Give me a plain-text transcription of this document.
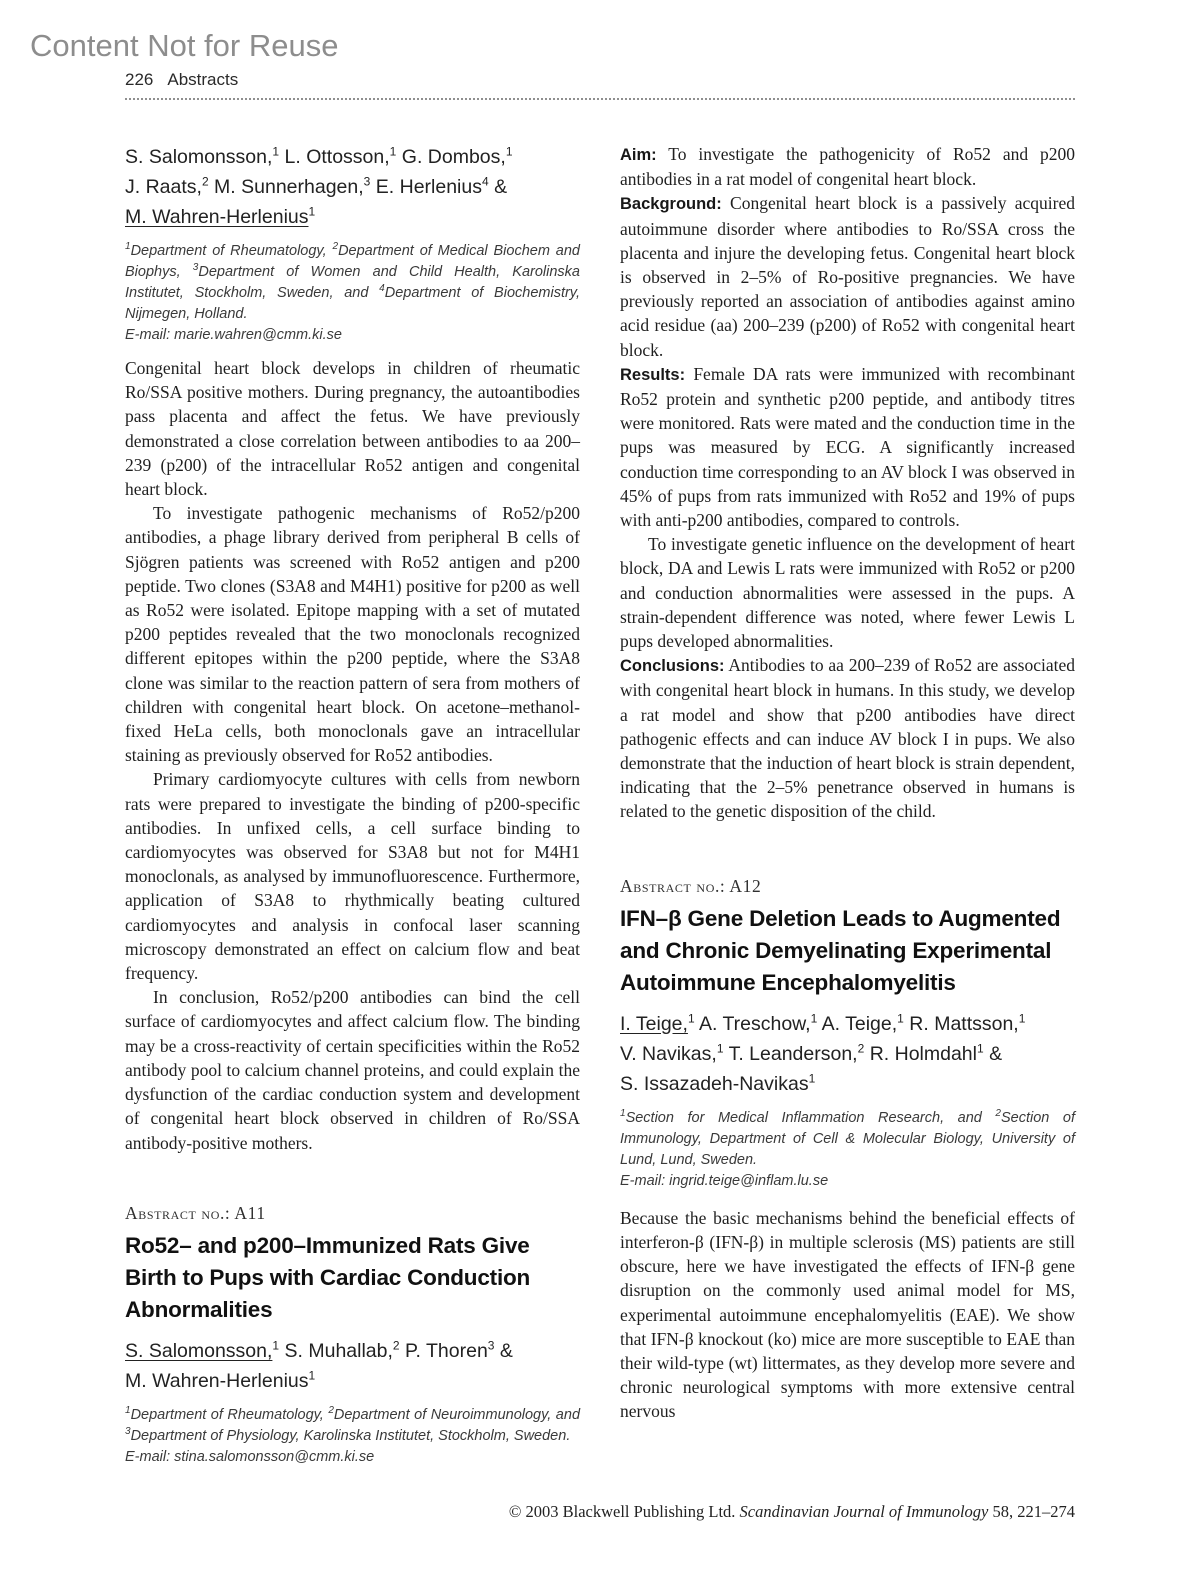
Content Not for Reuse
226 Abstracts
S. Salomonsson,$^1$ L. Ottosson,$^1$ G. Dombos,$^1$
J. Raats,$^2$ M. Sunnerhagen,$^3$ E. Herlenius$^4$ &
M. Wahren-Herlenius$^1$
$^1$Department of Rheumatology, $^2$Department of Medical Biochem and Biophys, $^3$Department of Women and Child Health, Karolinska Institutet, Stockholm, Sweden, and $^4$Department of Biochemistry, Nijmegen, Holland.
E-mail: marie.wahren@cmm.ki.se

Congenital heart block develops in children of rheumatic Ro/SSA positive mothers. During pregnancy, the autoantibodies pass placenta and affect the fetus. We have previously demonstrated a close correlation between antibodies to aa 200–239 (p200) of the intracellular Ro52 antigen and congenital heart block.

To investigate pathogenic mechanisms of Ro52/p200 antibodies, a phage library derived from peripheral B cells of Sjögren patients was screened with Ro52 antigen and p200 peptide. Two clones (S3A8 and M4H1) positive for p200 as well as Ro52 were isolated. Epitope mapping with a set of mutated p200 peptides revealed that the two monoclonals recognized different epitopes within the p200 peptide, where the S3A8 clone was similar to the reaction pattern of sera from mothers of children with congenital heart block. On acetone–methanol-fixed HeLa cells, both monoclonals gave an intracellular staining as previously observed for Ro52 antibodies.

Primary cardiomyocyte cultures with cells from newborn rats were prepared to investigate the binding of p200-specific antibodies. In unfixed cells, a cell surface binding to cardiomyocytes was observed for S3A8 but not for M4H1 monoclonals, as analysed by immunofluorescence. Furthermore, application of S3A8 to rhythmically beating cultured cardiomyocytes and analysis in confocal laser scanning microscopy demonstrated an effect on calcium flow and beat frequency.

In conclusion, Ro52/p200 antibodies can bind the cell surface of cardiomyocytes and affect calcium flow. The binding may be a cross-reactivity of certain specificities within the Ro52 antibody pool to calcium channel proteins, and could explain the dysfunction of the cardiac conduction system and development of congenital heart block observed in children of Ro/SSA antibody-positive mothers.

Abstract no.: A11
Ro52– and p200–Immunized Rats Give Birth to Pups with Cardiac Conduction Abnormalities
S. Salomonsson,$^1$ S. Muhallab,$^2$ P. Thoren$^3$ &
M. Wahren-Herlenius$^1$
$^1$Department of Rheumatology, $^2$Department of Neuroimmunology, and $^3$Department of Physiology, Karolinska Institutet, Stockholm, Sweden.
E-mail: stina.salomonsson@cmm.ki.se

Aim: To investigate the pathogenicity of Ro52 and p200 antibodies in a rat model of congenital heart block.

Background: Congenital heart block is a passively acquired autoimmune disorder where antibodies to Ro/SSA cross the placenta and injure the developing fetus. Congenital heart block is observed in 2–5% of Ro-positive pregnancies. We have previously reported an association of antibodies against amino acid residue (aa) 200–239 (p200) of Ro52 with congenital heart block.

Results: Female DA rats were immunized with recombinant Ro52 protein and synthetic p200 peptide, and antibody titres were monitored. Rats were mated and the conduction time in the pups was measured by ECG. A significantly increased conduction time corresponding to an AV block I was observed in 45% of pups from rats immunized with Ro52 and 19% of pups with anti-p200 antibodies, compared to controls.

To investigate genetic influence on the development of heart block, DA and Lewis L rats were immunized with Ro52 or p200 and conduction abnormalities were assessed in the pups. A strain-dependent difference was noted, where fewer Lewis L pups developed abnormalities.

Conclusions: Antibodies to aa 200–239 of Ro52 are associated with congenital heart block in humans. In this study, we develop a rat model and show that p200 antibodies have direct pathogenic effects and can induce AV block I in pups. We also demonstrate that the induction of heart block is strain dependent, indicating that the 2–5% penetrance observed in humans is related to the genetic disposition of the child.

Abstract no.: A12
IFN–β Gene Deletion Leads to Augmented and Chronic Demyelinating Experimental Autoimmune Encephalomyelitis
I. Teige,$^1$ A. Treschow,$^1$ A. Teige,$^1$ R. Mattsson,$^1$
V. Navikas,$^1$ T. Leanderson,$^2$ R. Holmdahl$^1$ &
S. Issazadeh-Navikas$^1$
$^1$Section for Medical Inflammation Research, and $^2$Section of Immunology, Department of Cell & Molecular Biology, University of Lund, Lund, Sweden.
E-mail: ingrid.teige@inflam.lu.se

Because the basic mechanisms behind the beneficial effects of interferon-β (IFN-β) in multiple sclerosis (MS) patients are still obscure, here we have investigated the effects of IFN-β gene disruption on the commonly used animal model for MS, experimental autoimmune encephalomyelitis (EAE). We show that IFN-β knockout (ko) mice are more susceptible to EAE than their wild-type (wt) littermates, as they develop more severe and chronic neurological symptoms with more extensive central nervous

© 2003 Blackwell Publishing Ltd. Scandinavian Journal of Immunology 58, 221–274
